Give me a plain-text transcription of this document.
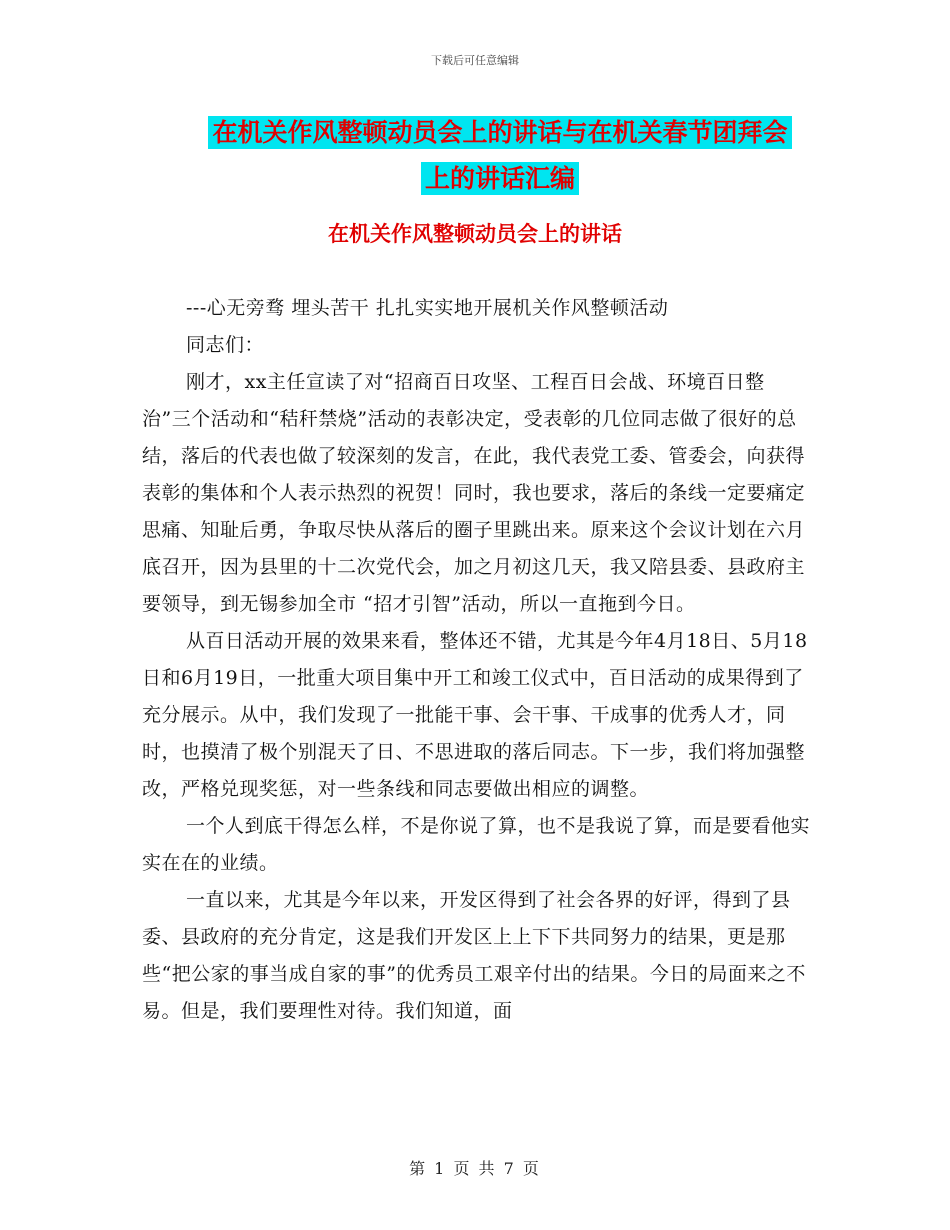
下载后可任意编辑
在机关作风整顿动员会上的讲话与在机关春节团拜会
上的讲话汇编
在机关作风整顿动员会上的讲话

---心无旁骛 埋头苦干 扎扎实实地开展机关作风整顿活动

同志们：

刚才，xx主任宣读了对“招商百日攻坚、工程百日会战、环境百日整治”三个活动和“秸秆禁烧”活动的表彰决定，受表彰的几位同志做了很好的总结，落后的代表也做了较深刻的发言，在此，我代表党工委、管委会，向获得表彰的集体和个人表示热烈的祝贺！同时，我也要求，落后的条线一定要痛定思痛、知耻后勇，争取尽快从落后的圈子里跳出来。原来这个会议计划在六月底召开，因为县里的十二次党代会，加之月初这几天，我又陪县委、县政府主要领导，到无锡参加全市 “招才引智”活动，所以一直拖到今日。

从百日活动开展的效果来看，整体还不错，尤其是今年4月18日、5月18日和6月19日，一批重大项目集中开工和竣工仪式中，百日活动的成果得到了充分展示。从中，我们发现了一批能干事、会干事、干成事的优秀人才，同时，也摸清了极个别混天了日、不思进取的落后同志。下一步，我们将加强整改，严格兑现奖惩，对一些条线和同志要做出相应的调整。

一个人到底干得怎么样，不是你说了算，也不是我说了算，而是要看他实实在在的业绩。

一直以来，尤其是今年以来，开发区得到了社会各界的好评，得到了县委、县政府的充分肯定，这是我们开发区上上下下共同努力的结果，更是那些“把公家的事当成自家的事”的优秀员工艰辛付出的结果。今日的局面来之不易。但是，我们要理性对待。我们知道，面

第 1 页 共 7 页
